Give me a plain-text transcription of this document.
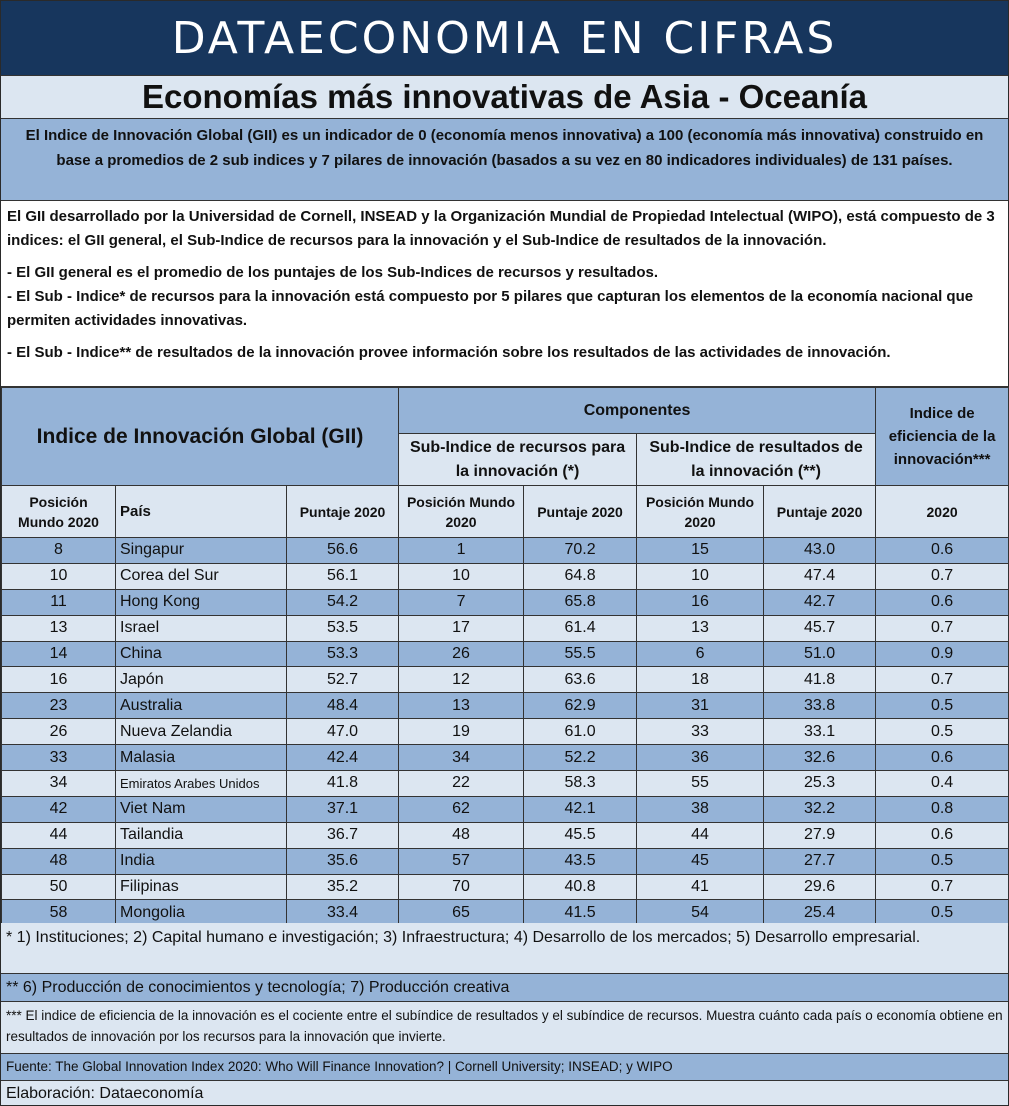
DATAECONOMIA EN CIFRAS
Economías más innovativas de Asia - Oceanía
El Indice de Innovación Global (GII) es un indicador de 0 (economía menos innovativa) a 100 (economía más innovativa) construido en base a promedios de 2 sub indices y 7 pilares de innovación (basados a su vez en 80 indicadores individuales) de 131 países.

El GII desarrollado por la Universidad de Cornell, INSEAD y la Organización Mundial de Propiedad Intelectual (WIPO), está compuesto de 3 indices: el GII general, el Sub-Indice de recursos para la innovación y el Sub-Indice de resultados de la innovación.

- El GII general es el promedio de los puntajes de los Sub-Indices de recursos y resultados.

- El Sub - Indice* de recursos para la innovación está compuesto por 5 pilares que capturan los elementos de la economía nacional que permiten actividades innovativas.

- El Sub - Indice** de resultados de la innovación provee información sobre los resultados de las actividades de innovación.

Indice de Innovación Global (GII)			Componentes				Indice de eficiencia de la innovación***
			Sub-Indice de recursos para la innovación (*)		Sub-Indice de resultados de la innovación (**)		
Posición Mundo 2020	País	Puntaje 2020	Posición Mundo 2020	Puntaje 2020	Posición Mundo 2020	Puntaje 2020	2020
8	Singapur	56.6	1	70.2	15	43.0	0.6
10	Corea del Sur	56.1	10	64.8	10	47.4	0.7
11	Hong Kong	54.2	7	65.8	16	42.7	0.6
13	Israel	53.5	17	61.4	13	45.7	0.7
14	China	53.3	26	55.5	6	51.0	0.9
16	Japón	52.7	12	63.6	18	41.8	0.7
23	Australia	48.4	13	62.9	31	33.8	0.5
26	Nueva Zelandia	47.0	19	61.0	33	33.1	0.5
33	Malasia	42.4	34	52.2	36	32.6	0.6
34	Emiratos Arabes Unidos	41.8	22	58.3	55	25.3	0.4
42	Viet Nam	37.1	62	42.1	38	32.2	0.8
44	Tailandia	36.7	48	45.5	44	27.9	0.6
48	India	35.6	57	43.5	45	27.7	0.5
50	Filipinas	35.2	70	40.8	41	29.6	0.7
58	Mongolia	33.4	65	41.5	54	25.4	0.5
* 1) Instituciones; 2) Capital humano e investigación; 3) Infraestructura; 4) Desarrollo de los mercados; 5) Desarrollo empresarial.
** 6) Producción de conocimientos y tecnología; 7) Producción creativa
*** El indice de eficiencia de la innovación es el cociente entre el subíndice de resultados y el subíndice de recursos. Muestra cuánto cada país o economía obtiene en resultados de innovación por los recursos para la innovación que invierte.
Fuente: The Global Innovation Index 2020: Who Will Finance Innovation? | Cornell University; INSEAD; y WIPO
Elaboración: Dataeconomía
